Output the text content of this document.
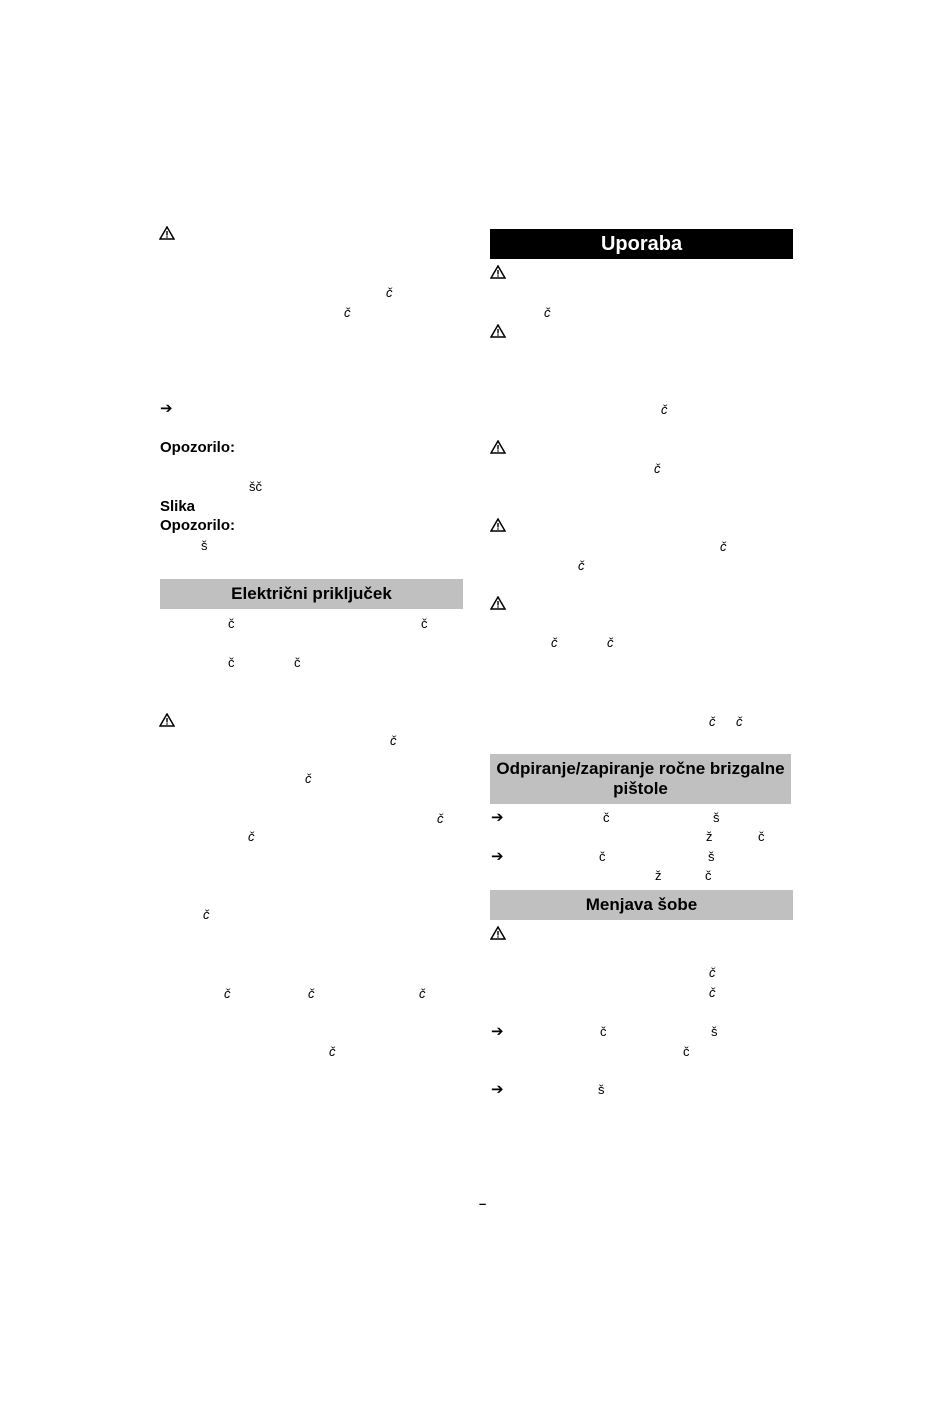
č
č
➔
Opozorilo:
šč
Slika
Opozorilo:
š
Električni priključek
č	č
č	č
č
č
č
č
č
č	č	č
č
Uporaba
č
č
č
č
č
č	č
č č
Odpiranje/zapiranje ročne brizgalne pištole
➔	č	š
ž	č
➔	č	š
ž	č
Menjava šobe
č
č
➔	č	š
č
➔	š
–
